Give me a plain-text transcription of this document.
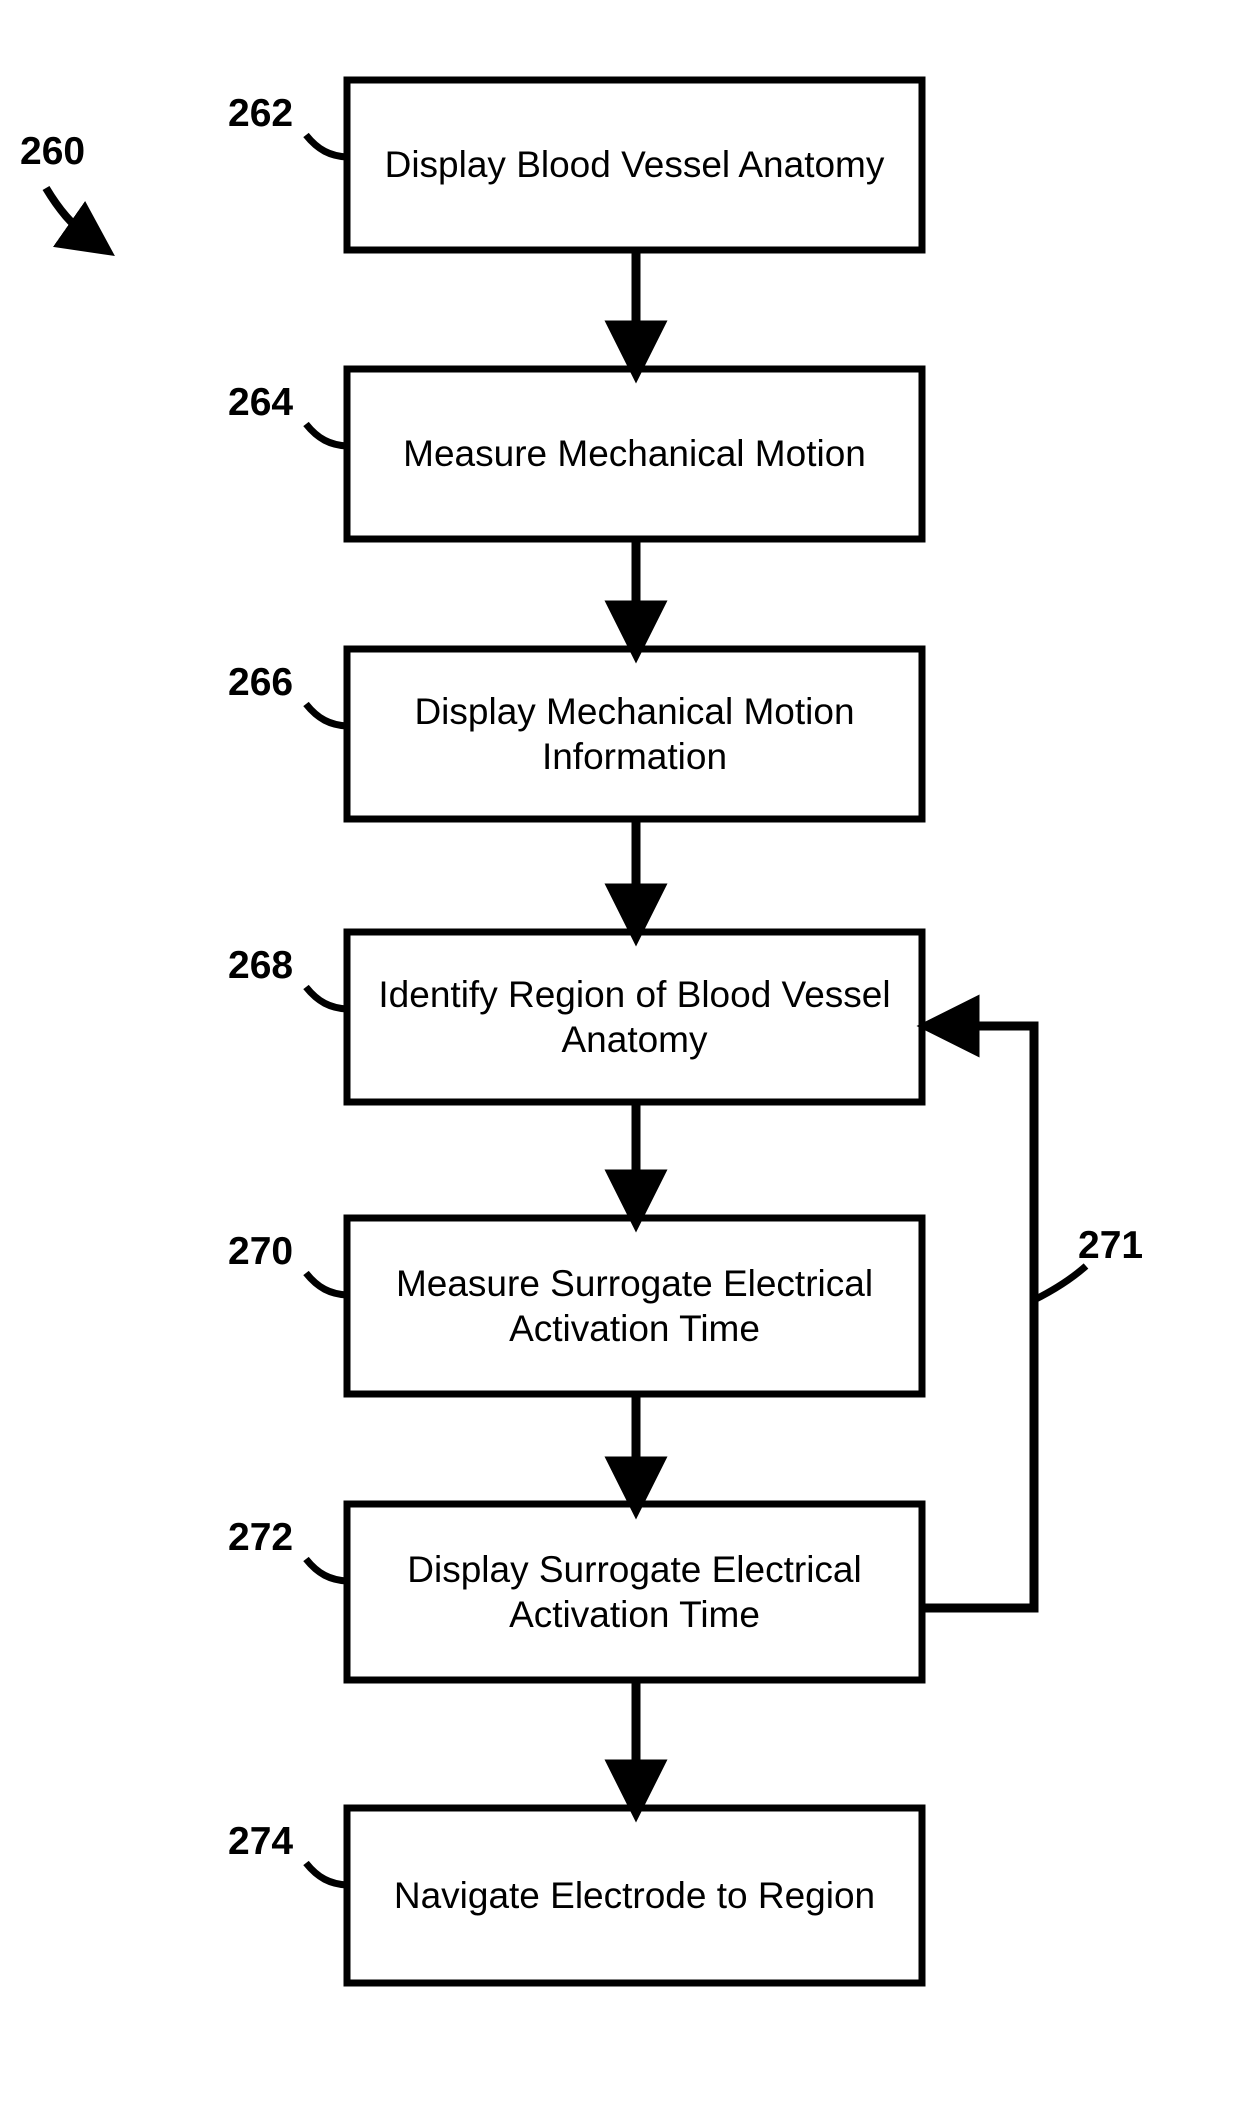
Display Blood Vessel Anatomy
Measure Mechanical Motion
Display Mechanical Motion Information
Identify Region of Blood Vessel Anatomy
Measure Surrogate Electrical Activation Time
Display Surrogate Electrical Activation Time
Navigate Electrode to Region
262
264
266
268
270
272
274
271
260
